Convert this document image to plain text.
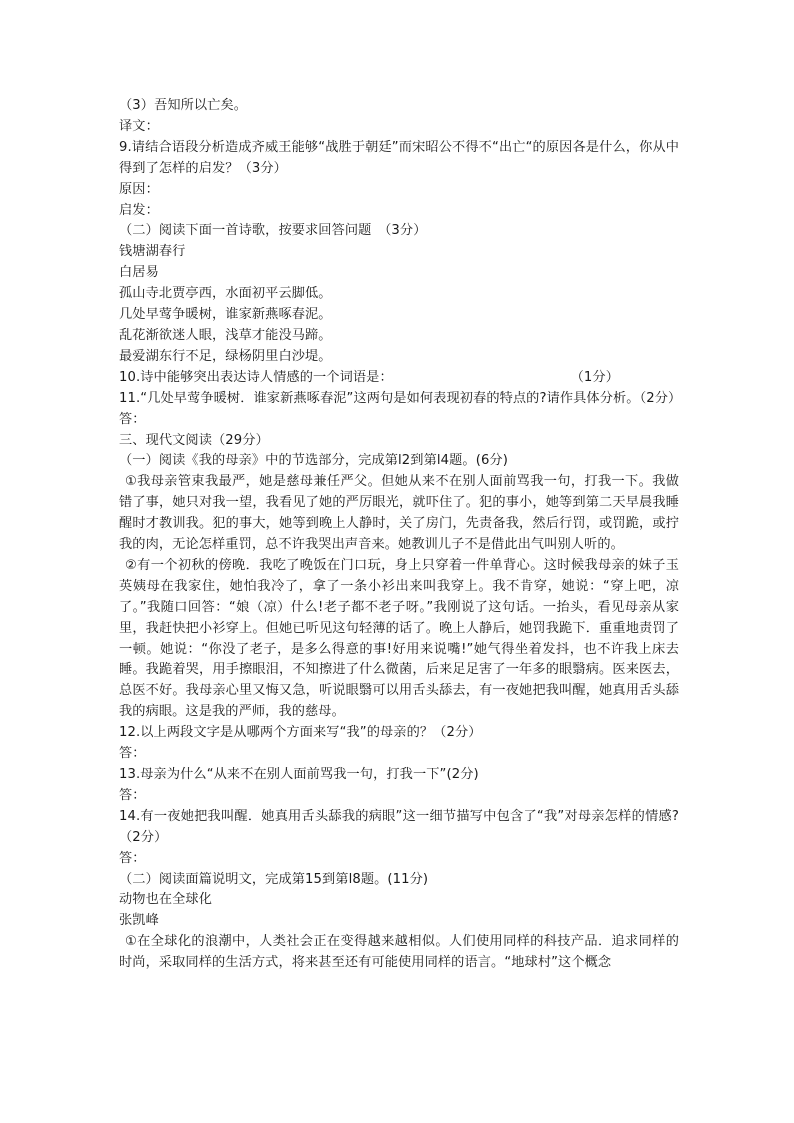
（3）吾知所以亡矣。
译文：
9.请结合语段分析造成齐威王能够“战胜于朝廷”而宋昭公不得不“出亡“的原因各是什么，你从中得到了怎样的启发？（3分）
原因：
启发：
（二）阅读下面一首诗歌，按要求回答问题　（3分）
钱塘湖春行
白居易
孤山寺北贾亭西，水面初平云脚低。
几处早莺争暖树，谁家新燕啄春泥。
乱花渐欲迷人眼，浅草才能没马蹄。
最爱湖东行不足，绿杨阴里白沙堤。
10.诗中能够突出表达诗人情感的一个词语是：	（1分）
11.“几处早莺争暖树．谁家新燕啄春泥”这两句是如何表现初春的特点的?请作具体分析。（2分）
答：
三、现代文阅读（29分）
（一）阅读《我的母亲》中的节选部分，完成第l2到第l4题。(6分)
①我母亲管束我最严，她是慈母兼任严父。但她从来不在别人面前骂我一句，打我一下。我做错了事，她只对我一望，我看见了她的严厉眼光，就吓住了。犯的事小，她等到第二天早晨我睡醒时才教训我。犯的事大，她等到晚上人静时，关了房门，先责备我，然后行罚，或罚跪，或拧我的肉，无论怎样重罚，总不许我哭出声音来。她教训儿子不是借此出气叫别人听的。
②有一个初秋的傍晚．我吃了晚饭在门口玩，身上只穿着一件单背心。这时候我母亲的妹子玉英姨母在我家住，她怕我冷了，拿了一条小衫出来叫我穿上。我不肯穿，她说：“穿上吧，凉了。”我随口回答：“娘（凉）什么!老子都不老子呀。”我刚说了这句话。一抬头，看见母亲从家里，我赶快把小衫穿上。但她已听见这句轻薄的话了。晚上人静后，她罚我跪下．重重地责罚了一顿。她说：“你没了老子，是多么得意的事!好用来说嘴!”她气得坐着发抖，也不许我上床去睡。我跪着哭，用手擦眼泪，不知擦进了什么微菌，后来足足害了一年多的眼翳病。医来医去，总医不好。我母亲心里又悔又急，听说眼翳可以用舌头舔去，有一夜她把我叫醒，她真用舌头舔我的病眼。这是我的严师，我的慈母。
12.以上两段文字是从哪两个方面来写“我”的母亲的？（2分）
答：
13.母亲为什么“从来不在别人面前骂我一句，打我一下”(2分)
答：
14.有一夜她把我叫醒．她真用舌头舔我的病眼”这一细节描写中包含了“我”对母亲怎样的情感?（2分）
答：
（二）阅读面篇说明文，完成第15到第l8题。(11分)
动物也在全球化
张凯峰
①在全球化的浪潮中，人类社会正在变得越来越相似。人们使用同样的科技产品．追求同样的时尚，采取同样的生活方式，将来甚至还有可能使用同样的语言。“地球村”这个概念
